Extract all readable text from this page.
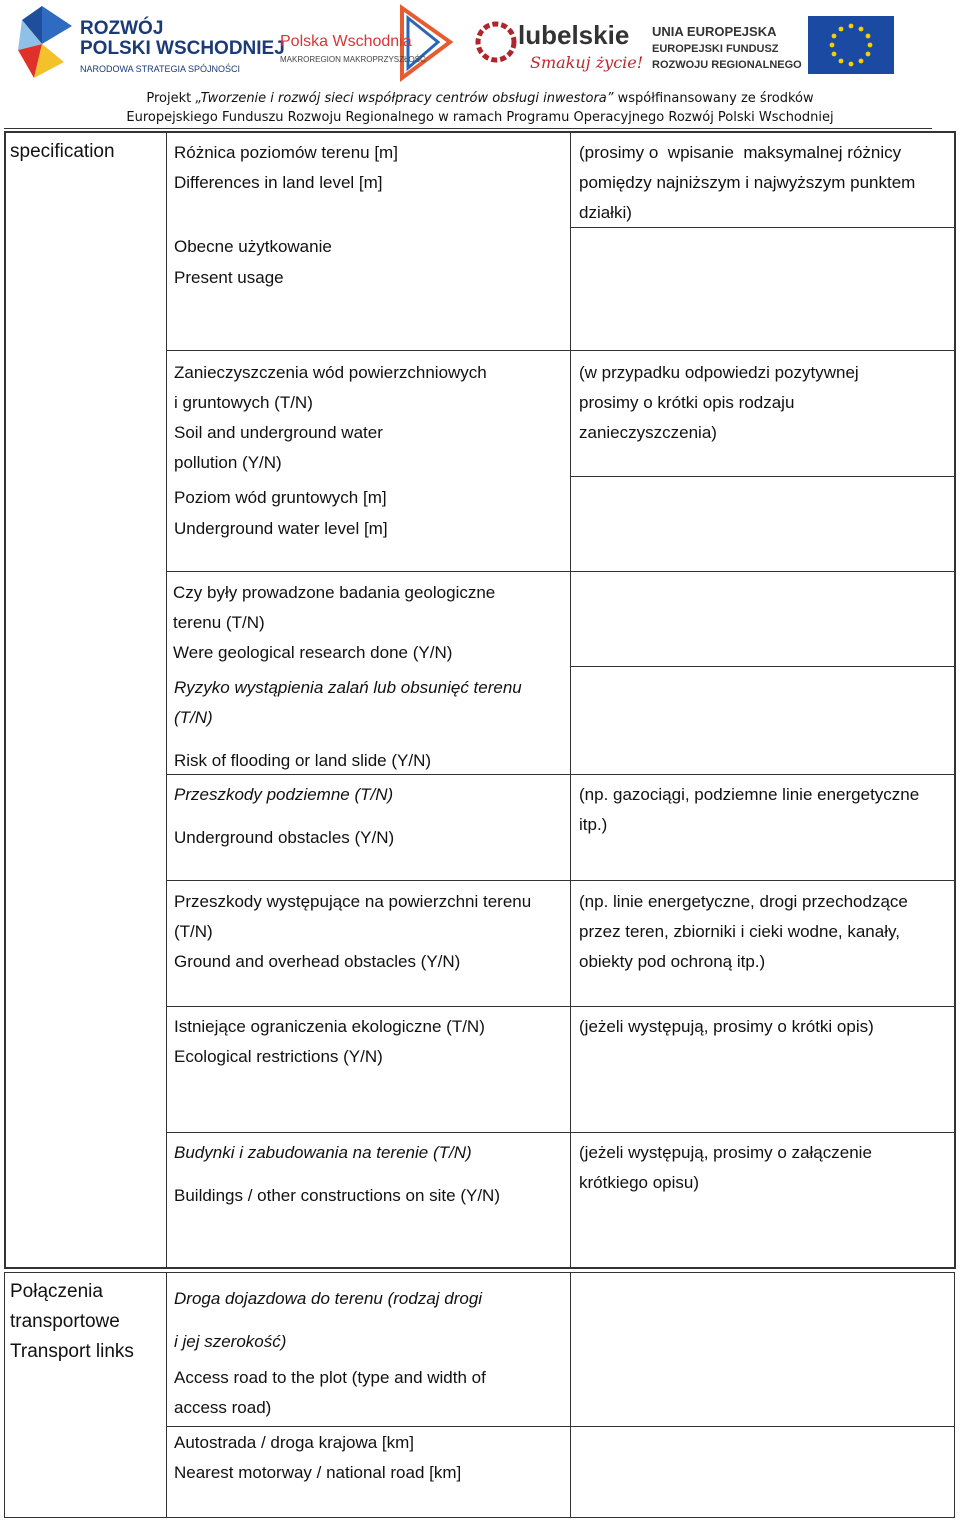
ROZWÓJ POLSKI WSCHODNIEJ
NARODOWA STRATEGIA SPÓJNOŚCI
Polska Wschodnia
MAKROREGION MAKROPRZYSZŁOŚĆ
lubelskie
Smakuj życie!
UNIA EUROPEJSKA
EUROPEJSKI FUNDUSZ
ROZWOJU REGIONALNEGO
Projekt „Tworzenie i rozwój sieci współpracy centrów obsługi inwestora” współfinansowany ze środków
Europejskiego Funduszu Rozwoju Regionalnego w ramach Programu Operacyjnego Rozwój Polski Wschodniej
specification	Różnica poziomów terenu [m]
Differences in land level [m]
(prosimy o  wpisanie  maksymalnej różnicy
pomiędzy najniższym i najwyższym punktem
działki)
Obecne użytkowanie
Present usage
Zanieczyszczenia wód powierzchniowych
i gruntowych (T/N)
Soil and underground water
pollution (Y/N)
(w przypadku odpowiedzi pozytywnej
prosimy o krótki opis rodzaju
zanieczyszczenia)
Poziom wód gruntowych [m]
Underground water level [m]
Czy były prowadzone badania geologiczne
terenu (T/N)
Were geological research done (Y/N)
Ryzyko wystąpienia zalań lub obsunięć terenu
(T/N)
Risk of flooding or land slide (Y/N)
Przeszkody podziemne (T/N)
Underground obstacles (Y/N)
(np. gazociągi, podziemne linie energetyczne
itp.)
Przeszkody występujące na powierzchni terenu
(T/N)
Ground and overhead obstacles (Y/N)
(np. linie energetyczne, drogi przechodzące
przez teren, zbiorniki i cieki wodne, kanały,
obiekty pod ochroną itp.)
Istniejące ograniczenia ekologiczne (T/N)
Ecological restrictions (Y/N)
(jeżeli występują, prosimy o krótki opis)
Budynki i zabudowania na terenie (T/N)
Buildings / other constructions on site (Y/N)
(jeżeli występują, prosimy o załączenie
krótkiego opisu)
Połączenia
transportowe
Transport links
Droga dojazdowa do terenu (rodzaj drogi
i jej szerokość)
Access road to the plot (type and width of
access road)
Autostrada / droga krajowa [km]
Nearest motorway / national road [km]
